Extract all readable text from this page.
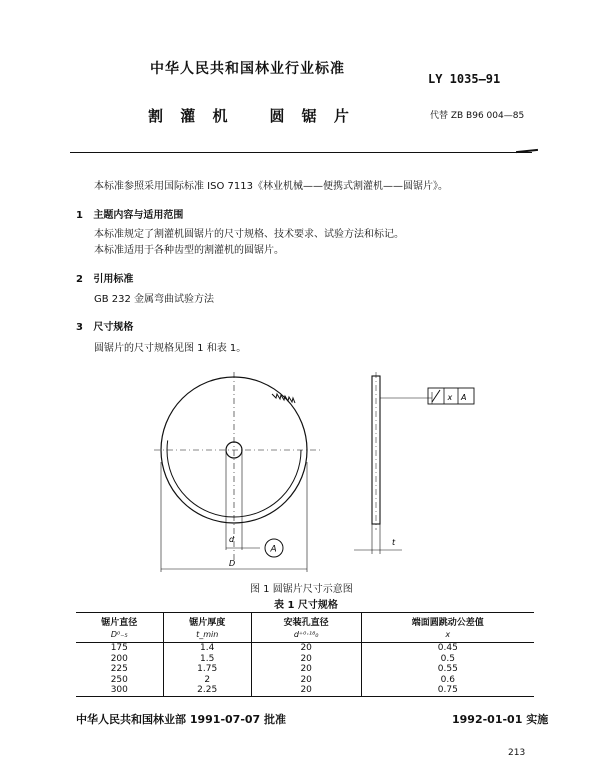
中华人民共和国林业行业标准
LY 1035—91
割 灌 机 圆 锯 片	代替 ZB B96 004—85

本标准参照采用国际标准 ISO 7113《林业机械——便携式割灌机——圆锯片》。

1 主题内容与适用范围

本标准规定了割灌机圆锯片的尺寸规格、技术要求、试验方法和标记。

本标准适用于各种齿型的割灌机的圆锯片。

2 引用标准

GB 232 金属弯曲试验方法

3 尺寸规格

圆锯片的尺寸规格见图 1 和表 1。

d
A
D
x A
t
图 1 圆锯片尺寸示意图
表 1 尺寸规格
锯片直径	锯片厚度	安装孔直径	端面圆跳动公差值
D⁰₋₅	t_min	d⁺⁰·¹⁸₀	x
175	1.4	20	0.45
200	1.5	20	0.5
225	1.75	20	0.55
250	2	20	0.6
300	2.25	20	0.75
中华人民共和国林业部 1991-07-07 批准	1992-01-01 实施
213
